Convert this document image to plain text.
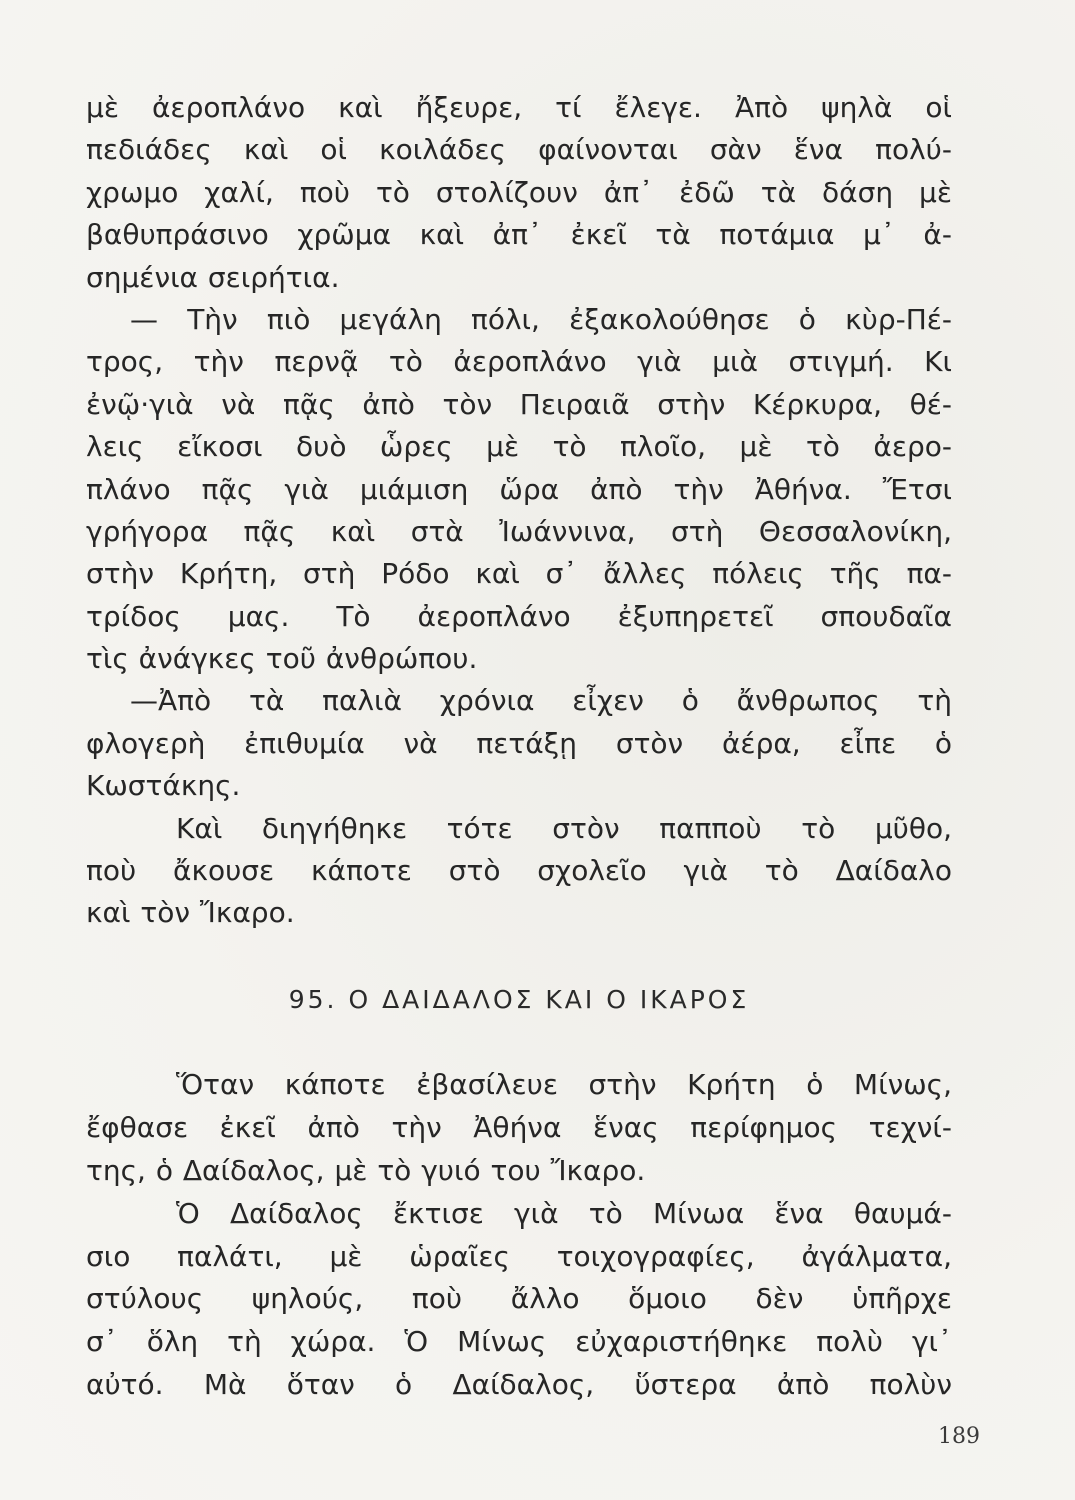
μὲ ἀεροπλάνο καὶ ἤξευρε, τί ἔλεγε. Ἀπὸ ψηλὰ οἱ
πεδιάδες καὶ οἱ κοιλάδες φαίνονται σὰν ἕνα πολύ-
χρωμο χαλί, ποὺ τὸ στολίζουν ἀπ᾽ ἐδῶ τὰ δάση μὲ
βαθυπράσινο χρῶμα καὶ ἀπ᾽ ἐκεῖ τὰ ποτάμια μ᾽ ἀ-
σημένια σειρήτια.
— Τὴν πιὸ μεγάλη πόλι, ἐξακολούθησε ὁ κὺρ-Πέ-
τρος, τὴν περνᾷ τὸ ἀεροπλάνο γιὰ μιὰ στιγμή. Κι
ἐνῷ·γιὰ νὰ πᾷς ἀπὸ τὸν Πειραιᾶ στὴν Κέρκυρα, θέ-
λεις εἴκοσι δυὸ ὧρες μὲ τὸ πλοῖο, μὲ τὸ ἀερο-
πλάνο πᾷς γιὰ μιάμιση ὥρα ἀπὸ τὴν Ἀθήνα. Ἔτσι
γρήγορα πᾷς καὶ στὰ Ἰωάννινα, στὴ Θεσσαλονίκη,
στὴν Κρήτη, στὴ Ρόδο καὶ σ᾽ ἄλλες πόλεις τῆς πα-
τρίδος μας. Τὸ ἀεροπλάνο ἐξυπηρετεῖ σπουδαῖα
τὶς ἀνάγκες τοῦ ἀνθρώπου.
—Ἀπὸ τὰ παλιὰ χρόνια εἶχεν ὁ ἄνθρωπος τὴ
φλογερὴ ἐπιθυμία νὰ πετάξῃ στὸν ἀέρα, εἶπε ὁ
Κωστάκης.
Καὶ διηγήθηκε τότε στὸν παπποὺ τὸ μῦθο,
ποὺ ἄκουσε κάποτε στὸ σχολεῖο γιὰ τὸ Δαίδαλο
καὶ τὸν Ἴκαρο.
95. Ο ΔΑΙΔΑΛΟΣ ΚΑΙ Ο ΙΚΑΡΟΣ
Ὅταν κάποτε ἐβασίλευε στὴν Κρήτη ὁ Μίνως,
ἔφθασε ἐκεῖ ἀπὸ τὴν Ἀθήνα ἕνας περίφημος τεχνί-
της, ὁ Δαίδαλος, μὲ τὸ γυιό του Ἴκαρο.
Ὁ Δαίδαλος ἔκτισε γιὰ τὸ Μίνωα ἕνα θαυμά-
σιο παλάτι, μὲ ὡραῖες τοιχογραφίες, ἀγάλματα,
στύλους ψηλούς, ποὺ ἄλλο ὅμοιο δὲν ὑπῆρχε
σ᾽ ὅλη τὴ χώρα. Ὁ Μίνως εὐχαριστήθηκε πολὺ γι᾽
αὐτό. Μὰ ὅταν ὁ Δαίδαλος, ὕστερα ἀπὸ πολὺν
189
